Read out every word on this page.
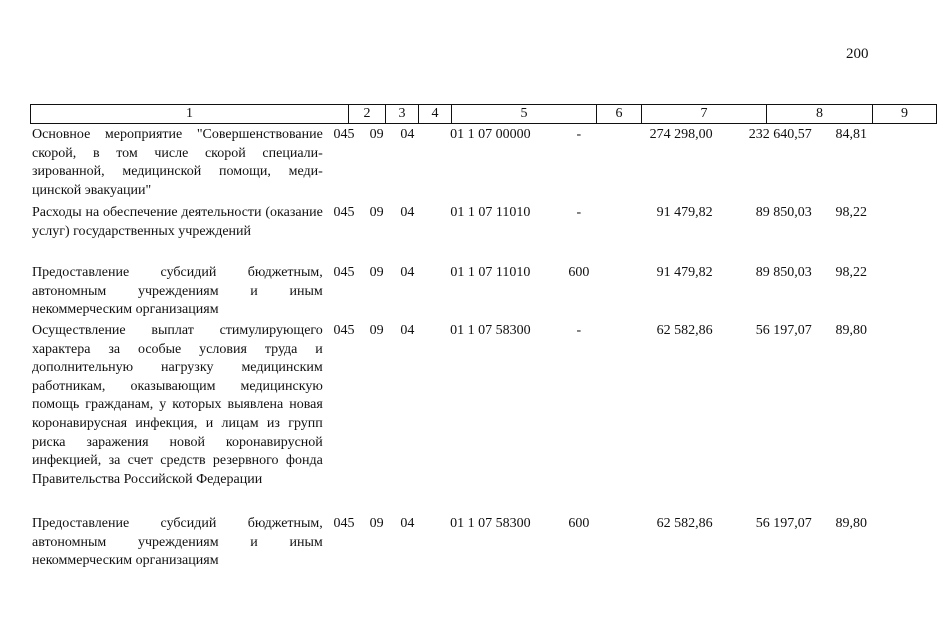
200
1	2	3	4	5	6	7	8	9
Основное мероприятие "Совершенствование скорой, в том числе скорой специали-зированной, медицинской помощи, меди-цинской эвакуации"
045	09	04	01 1 07 00000	-	274 298,00	232 640,57	84,81
Расходы на обеспечение деятельности (оказание услуг) государственных учреждений
045	09	04	01 1 07 11010	-	91 479,82	89 850,03	98,22
Предоставление субсидий бюджетным, автономным учреждениям и иным некоммерческим организациям
045	09	04	01 1 07 11010	600	91 479,82	89 850,03	98,22
Осуществление выплат стимулирующего характера за особые условия труда и дополнительную нагрузку медицинским работникам, оказывающим медицинскую помощь гражданам, у которых выявлена новая коронавирусная инфекция, и лицам из групп риска заражения новой коронавирусной инфекцией, за счет средств резервного фонда Правительства Российской Федерации
045	09	04	01 1 07 58300	-	62 582,86	56 197,07	89,80
Предоставление субсидий бюджетным, автономным учреждениям и иным некоммерческим организациям
045	09	04	01 1 07 58300	600	62 582,86	56 197,07	89,80
